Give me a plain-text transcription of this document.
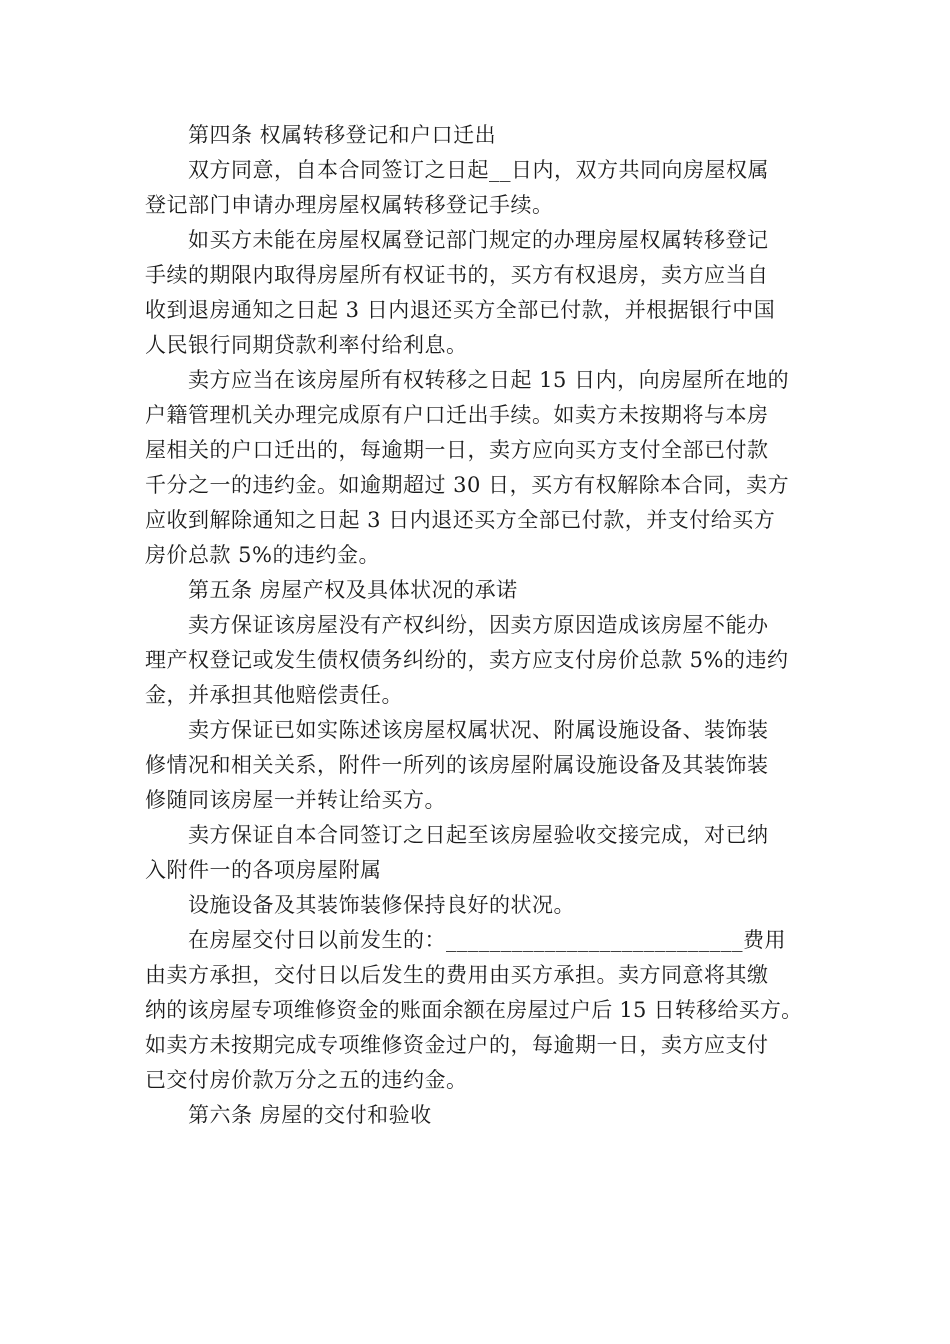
第四条 权属转移登记和户口迁出
双方同意，自本合同签订之日起__日内，双方共同向房屋权属
登记部门申请办理房屋权属转移登记手续。
如买方未能在房屋权属登记部门规定的办理房屋权属转移登记
手续的期限内取得房屋所有权证书的，买方有权退房，卖方应当自
收到退房通知之日起 3 日内退还买方全部已付款，并根据银行中国
人民银行同期贷款利率付给利息。
卖方应当在该房屋所有权转移之日起 15 日内，向房屋所在地的
户籍管理机关办理完成原有户口迁出手续。如卖方未按期将与本房
屋相关的户口迁出的，每逾期一日，卖方应向买方支付全部已付款
千分之一的违约金。如逾期超过 30 日，买方有权解除本合同，卖方
应收到解除通知之日起 3 日内退还买方全部已付款，并支付给买方
房价总款 5%的违约金。
第五条 房屋产权及具体状况的承诺
卖方保证该房屋没有产权纠纷，因卖方原因造成该房屋不能办
理产权登记或发生债权债务纠纷的，卖方应支付房价总款 5%的违约
金，并承担其他赔偿责任。
卖方保证已如实陈述该房屋权属状况、附属设施设备、装饰装
修情况和相关关系，附件一所列的该房屋附属设施设备及其装饰装
修随同该房屋一并转让给买方。
卖方保证自本合同签订之日起至该房屋验收交接完成，对已纳
入附件一的各项房屋附属
设施设备及其装饰装修保持良好的状况。
在房屋交付日以前发生的：___________________________费用
由卖方承担，交付日以后发生的费用由买方承担。卖方同意将其缴
纳的该房屋专项维修资金的账面余额在房屋过户后 15 日转移给买方。
如卖方未按期完成专项维修资金过户的，每逾期一日，卖方应支付
已交付房价款万分之五的违约金。
第六条 房屋的交付和验收
